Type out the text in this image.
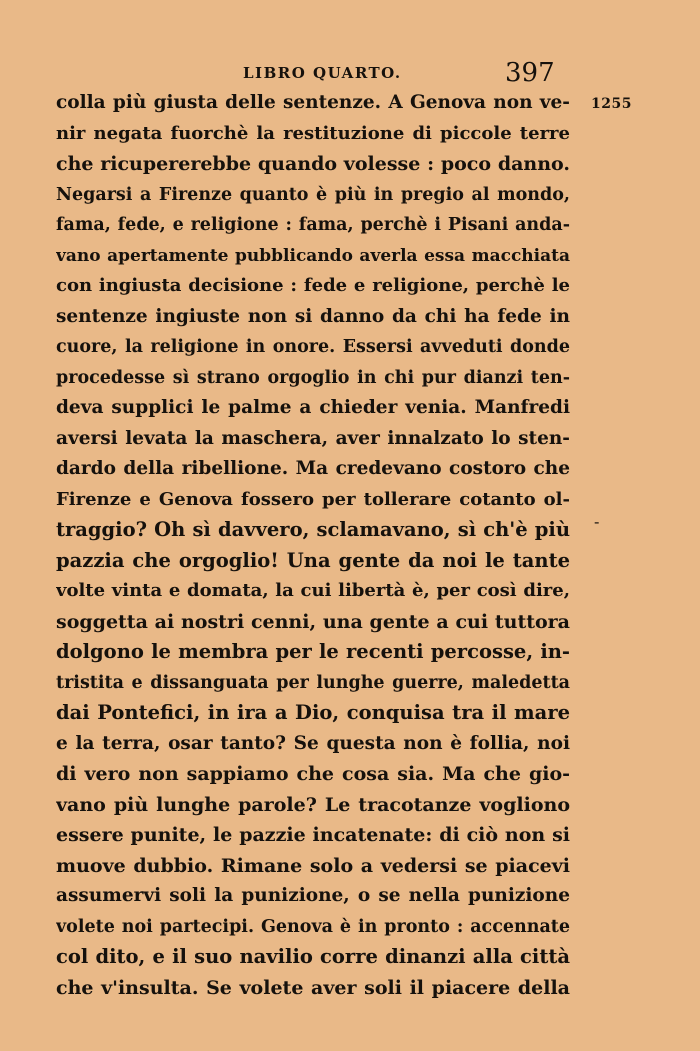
LIBRO QUARTO.	397
1255
-
colla più giusta delle sentenze. A Genova non ve-
nir negata fuorchè la restituzione di piccole terre
che ricupererebbe quando volesse : poco danno.
Negarsi a Firenze quanto è più in pregio al mondo,
fama, fede, e religione : fama, perchè i Pisani anda-
vano apertamente pubblicando averla essa macchiata
con ingiusta decisione : fede e religione, perchè le
sentenze ingiuste non si danno da chi ha fede in
cuore, la religione in onore. Essersi avveduti donde
procedesse sì strano orgoglio in chi pur dianzi ten-
deva supplici le palme a chieder venia. Manfredi
aversi levata la maschera, aver innalzato lo sten-
dardo della ribellione. Ma credevano costoro che
Firenze e Genova fossero per tollerare cotanto ol-
traggio? Oh sì davvero, sclamavano, sì ch'è più
pazzia che orgoglio! Una gente da noi le tante
volte vinta e domata, la cui libertà è, per così dire,
soggetta ai nostri cenni, una gente a cui tuttora
dolgono le membra per le recenti percosse, in-
tristita e dissanguata per lunghe guerre, maledetta
dai Pontefici, in ira a Dio, conquisa tra il mare
e la terra, osar tanto? Se questa non è follia, noi
di vero non sappiamo che cosa sia. Ma che gio-
vano più lunghe parole? Le tracotanze vogliono
essere punite, le pazzie incatenate: di ciò non si
muove dubbio. Rimane solo a vedersi se piacevi
assumervi soli la punizione, o se nella punizione
volete noi partecipi. Genova è in pronto : accennate
col dito, e il suo navilio corre dinanzi alla città
che v'insulta. Se volete aver soli il piacere della
